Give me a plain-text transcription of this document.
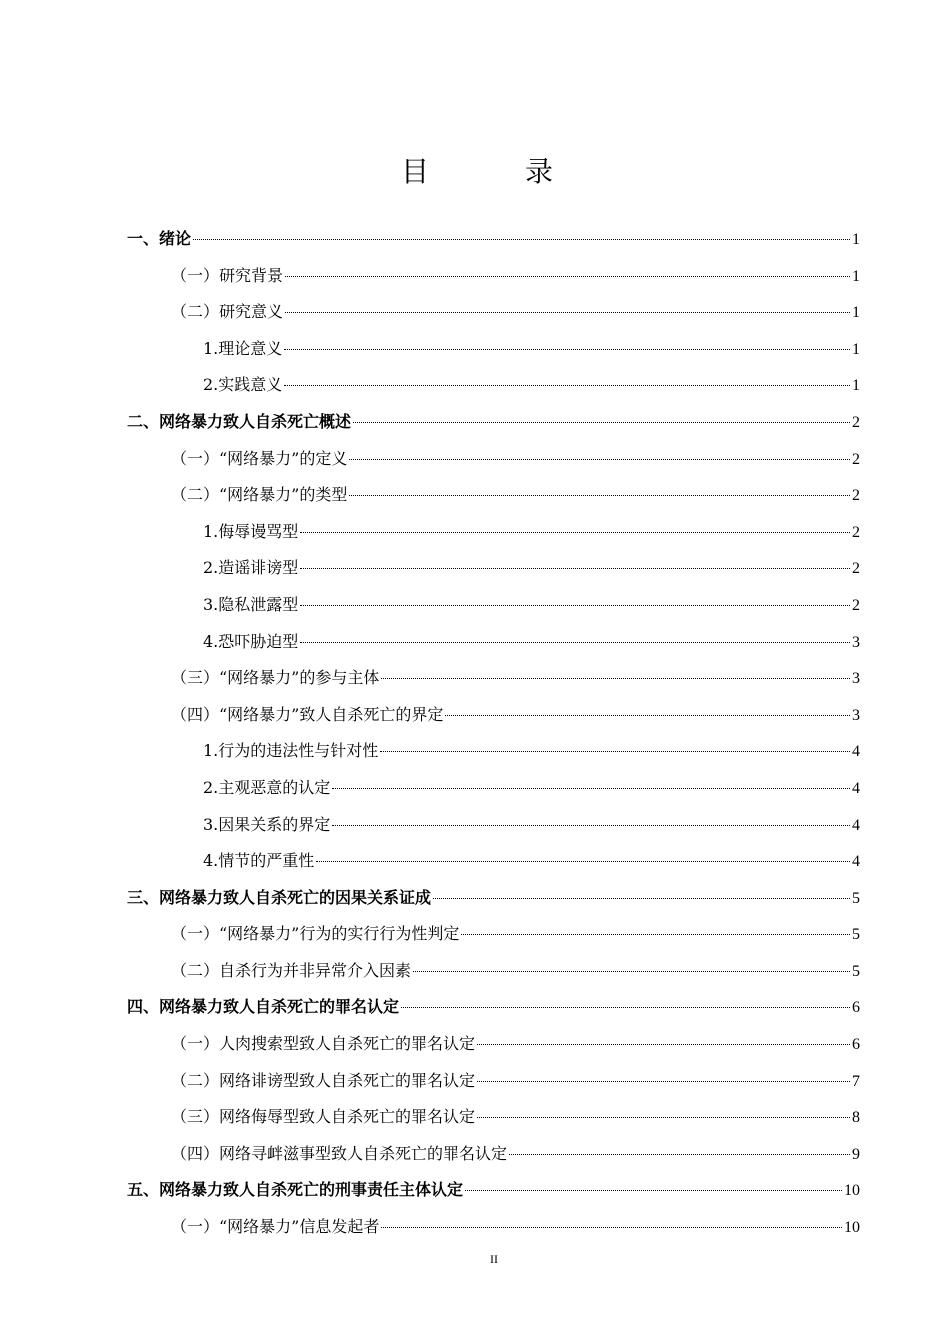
目　录
一、绪论	1
（一）研究背景	1
（二）研究意义	1
1.理论意义	1
2.实践意义	1
二、网络暴力致人自杀死亡概述	2
（一）“网络暴力”的定义	2
（二）“网络暴力”的类型	2
1.侮辱谩骂型	2
2.造谣诽谤型	2
3.隐私泄露型	2
4.恐吓胁迫型	3
（三）“网络暴力”的参与主体	3
（四）“网络暴力”致人自杀死亡的界定	3
1.行为的违法性与针对性	4
2.主观恶意的认定	4
3.因果关系的界定	4
4.情节的严重性	4
三、网络暴力致人自杀死亡的因果关系证成	5
（一）“网络暴力”行为的实行行为性判定	5
（二）自杀行为并非异常介入因素	5
四、网络暴力致人自杀死亡的罪名认定	6
（一）人肉搜索型致人自杀死亡的罪名认定	6
（二）网络诽谤型致人自杀死亡的罪名认定	7
（三）网络侮辱型致人自杀死亡的罪名认定	8
（四）网络寻衅滋事型致人自杀死亡的罪名认定	9
五、网络暴力致人自杀死亡的刑事责任主体认定	10
（一）“网络暴力”信息发起者	10
II
